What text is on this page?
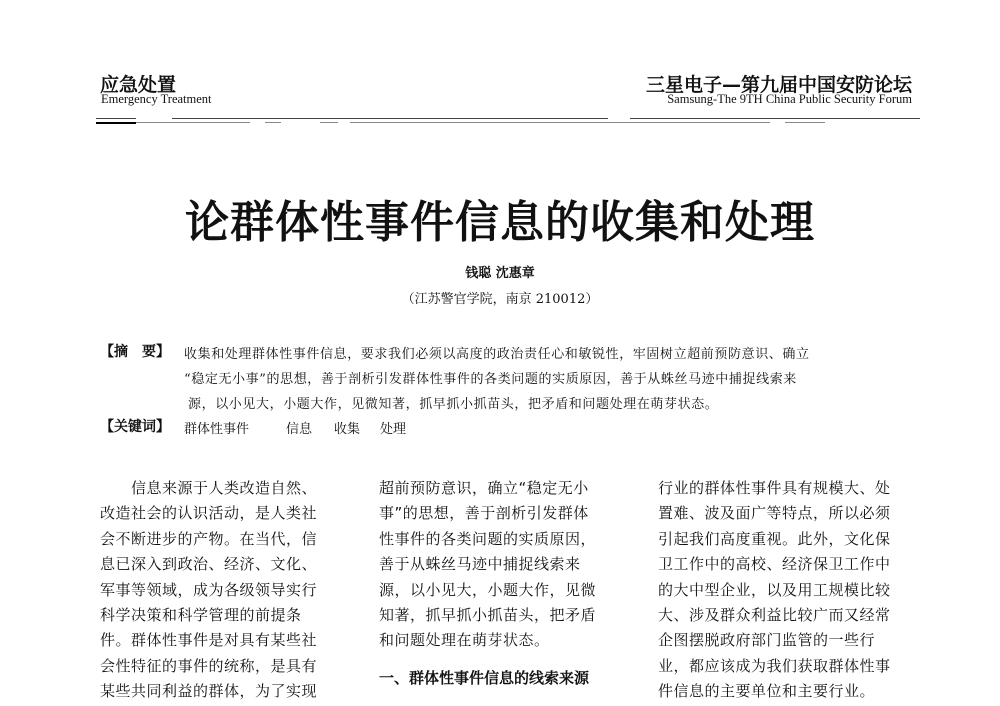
应急处置
Emergency Treatment
三星电子—第九届中国安防论坛
Samsung-The 9TH China Public Security Forum
论群体性事件信息的收集和处理
钱聪 沈惠章
（江苏警官学院，南京 210012）
【摘　要】 收集和处理群体性事件信息，要求我们必须以高度的政治责任心和敏锐性，牢固树立超前预防意识、确立
“稳定无小事”的思想，善于剖析引发群体性事件的各类问题的实质原因，善于从蛛丝马迹中捕捉线索来
源，以小见大，小题大作，见微知著，抓早抓小抓苗头，把矛盾和问题处理在萌芽状态。
【关键词】 群体性事件	信息 收集 处理
　　信息来源于人类改造自然、
改造社会的认识活动，是人类社
会不断进步的产物。在当代，信
息已深入到政治、经济、文化、
军事等领域，成为各级领导实行
科学决策和科学管理的前提条
件。群体性事件是对具有某些社
会性特征的事件的统称，是具有
某些共同利益的群体，为了实现
超前预防意识，确立“稳定无小
事”的思想，善于剖析引发群体
性事件的各类问题的实质原因，
善于从蛛丝马迹中捕捉线索来
源，以小见大，小题大作，见微
知著，抓早抓小抓苗头，把矛盾
和问题处理在萌芽状态。
一、群体性事件信息的线索来源
行业的群体性事件具有规模大、处
置难、波及面广等特点，所以必须
引起我们高度重视。此外，文化保
卫工作中的高校、经济保卫工作中
的大中型企业，以及用工规模比较
大、涉及群众利益比较广而又经常
企图摆脱政府部门监管的一些行
业，都应该成为我们获取群体性事
件信息的主要单位和主要行业。
